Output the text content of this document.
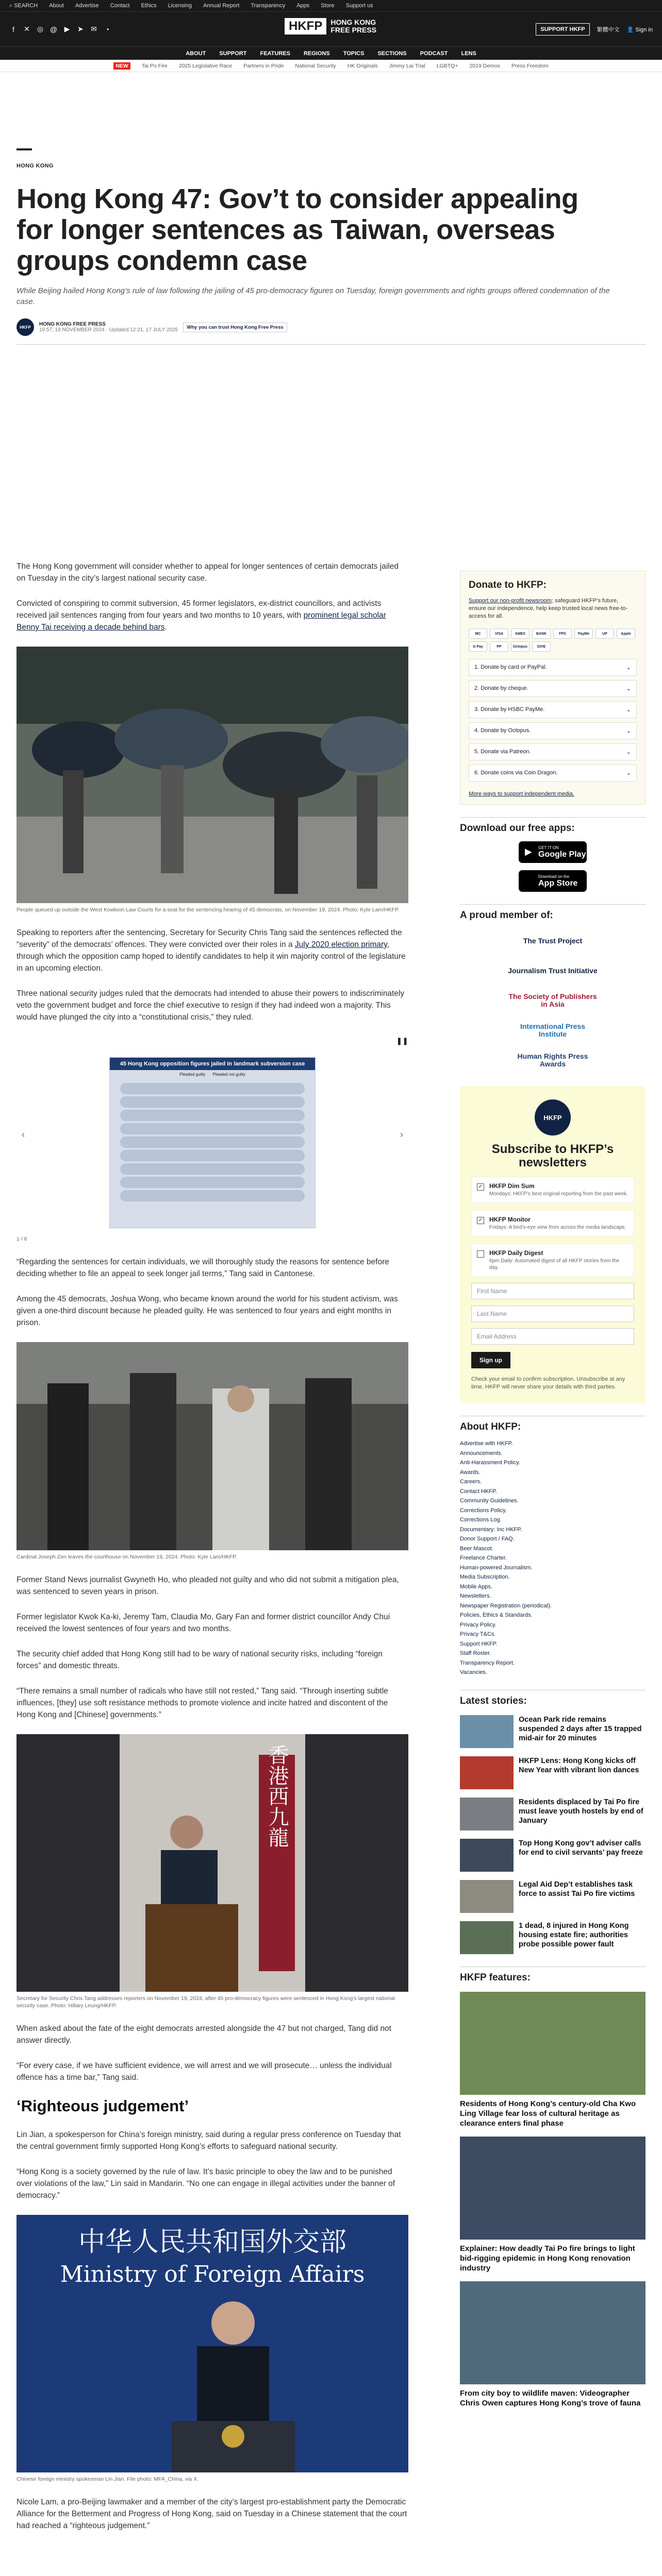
⌕ SEARCH About Advertise Contact Ethics Licensing Annual Report Transparency Apps Store Support us
f	✕ ◎ @ ▶ ➤ ✉ ◔	HKFP	HONG KONG FREE PRESS	SUPPORT HKFP	繁體中文 👤 Sign in
ABOUT SUPPORT FEATURES REGIONS TOPICS SECTIONS PODCAST LENS
NEW	Tai Po Fire 2025 Legislative Race Partners in Pride National Security HK Originals Jimmy Lai Trial LGBTQ+ 2019 Demos Press Freedom
HONG KONG
Hong Kong 47: Gov’t to consider appealing for longer sentences as Taiwan, overseas groups condemn case
While Beijing hailed Hong Kong’s rule of law following the jailing of 45 pro-democracy figures on Tuesday, foreign governments and rights groups offered condemnation of the case.
HKFP	HONG KONG FREE PRESS
19:57, 19 NOVEMBER 2024 · Updated 12:21, 17 JULY 2025	Why you can trust Hong Kong Free Press

The Hong Kong government will consider whether to appeal for longer sentences of certain democrats jailed on Tuesday in the city’s largest national security case.

Convicted of conspiring to commit subversion, 45 former legislators, ex-district councillors, and activists received jail sentences ranging from four years and two months to 10 years, with prominent legal scholar Benny Tai receiving a decade behind bars.

People queued up outside the West Kowloon Law Courts for a seat for the sentencing hearing of 45 democrats, on November 19, 2024. Photo: Kyle Lam/HKFP.

Speaking to reporters after the sentencing, Secretary for Security Chris Tang said the sentences reflected the “severity” of the democrats’ offences. They were convicted over their roles in a July 2020 election primary, through which the opposition camp hoped to identify candidates to help it win majority control of the legislature in an upcoming election.

Three national security judges ruled that the democrats had intended to abuse their powers to indiscriminately veto the government budget and force the chief executive to resign if they had indeed won a majority. This would have plunged the city into a “constitutional crisis,” they ruled.

❚❚
‹	›
45 Hong Kong opposition figures jailed in landmark subversion case
Pleaded guilty Pleaded not guilty
1 / 6

“Regarding the sentences for certain individuals, we will thoroughly study the reasons for sentence before deciding whether to file an appeal to seek longer jail terms,” Tang said in Cantonese.

Among the 45 democrats, Joshua Wong, who became known around the world for his student activism, was given a one-third discount because he pleaded guilty. He was sentenced to four years and eight months in prison.

Cardinal Joseph Zen leaves the courthouse on November 19, 2024. Photo: Kyle Lam/HKFP.

Former Stand News journalist Gwyneth Ho, who pleaded not guilty and who did not submit a mitigation plea, was sentenced to seven years in prison.

Former legislator Kwok Ka-ki, Jeremy Tam, Claudia Mo, Gary Fan and former district councillor Andy Chui received the lowest sentences of four years and two months.

The security chief added that Hong Kong still had to be wary of national security risks, including “foreign forces” and domestic threats.

“There remains a small number of radicals who have still not rested,” Tang said. “Through inserting subtle influences, [they] use soft resistance methods to promote violence and incite hatred and discontent of the Hong Kong and [Chinese] governments.”

香港西九龍
Secretary for Security Chris Tang addresses reporters on November 19, 2024, after 45 pro-democracy figures were sentenced in Hong Kong’s largest national security case. Photo: Hillary Leung/HKFP.

When asked about the fate of the eight democrats arrested alongside the 47 but not charged, Tang did not answer directly.

“For every case, if we have sufficient evidence, we will arrest and we will prosecute… unless the individual offence has a time bar,” Tang said.

‘Righteous judgement’

Lin Jian, a spokesperson for China’s foreign ministry, said during a regular press conference on Tuesday that the central government firmly supported Hong Kong’s efforts to safeguard national security.

“Hong Kong is a society governed by the rule of law. It’s basic principle to obey the law and to be punished over violations of the law,” Lin said in Mandarin. “No one can engage in illegal activities under the banner of democracy.”

中华人民共和国外交部
Ministry of Foreign Affairs
Chinese foreign ministry spokesman Lin Jian. File photo: MFA_China, via X.

Nicole Lam, a pro-Beijing lawmaker and a member of the city’s largest pro-establishment party the Democratic Alliance for the Betterment and Progress of Hong Kong, said on Tuesday in a Chinese statement that the court had reached a “righteous judgement.”

Donate to HKFP:
Support our non-profit newsroom; safeguard HKFP’s future, ensure our independence, help keep trusted local news free-to-access for all.
MC	VISA	AMEX	BANK	FPS	PayMe	UP	Apple
G Pay	PP	Octopus	GIVE
1. Donate by card or PayPal.	⌄
2. Donate by cheque.	⌄
3. Donate by HSBC PayMe.	⌄
4. Donate by Octopus.	⌄
5. Donate via Patreon.	⌄
6. Donate coins via Coin Dragon.	⌄
More ways to support independent media.
Download our free apps:
▶ GET IT ON
Google Play
Download on the
App Store
A proud member of:
The Trust Project
Journalism Trust Initiative
The Society of Publishers in Asia
International Press Institute
Human Rights Press Awards
HKFP
Subscribe to HKFP’s newsletters
✓ HKFP Dim Sum
Mondays: HKFP’s best original reporting from the past week.
✓ HKFP Monitor
Fridays: A bird’s-eye view from across the media landscape.
HKFP Daily Digest
6pm Daily: Automated digest of all HKFP stories from the day.
First Name
Last Name
Email Address
Sign up
Check your email to confirm subscription. Unsubscribe at any time. HKFP will never share your details with third parties.
About HKFP:
Advertise with HKFP.
Announcements.
Anti-Harassment Policy.
Awards.
Careers.
Contact HKFP.
Community Guidelines.
Corrections Policy.
Corrections Log.
Documentary: Inc HKFP.
Donor Support / FAQ.
Beer Mascot.
Freelance Charter.
Human-powered Journalism.
Media Subscription.
Mobile Apps.
Newsletters.
Newspaper Registration (periodical).
Policies, Ethics & Standards.
Privacy Policy.
Privacy T&Cs.
Support HKFP.
Staff Roster.
Transparency Report.
Vacancies.
Latest stories:
Ocean Park ride remains suspended 2 days after 15 trapped mid-air for 20 minutes
HKFP Lens: Hong Kong kicks off New Year with vibrant lion dances
Residents displaced by Tai Po fire must leave youth hostels by end of January
Top Hong Kong gov’t adviser calls for end to civil servants’ pay freeze
Legal Aid Dep’t establishes task force to assist Tai Po fire victims
1 dead, 8 injured in Hong Kong housing estate fire; authorities probe possible power fault
HKFP features:
Residents of Hong Kong’s century-old Cha Kwo Ling Village fear loss of cultural heritage as clearance enters final phase
Explainer: How deadly Tai Po fire brings to light bid-rigging epidemic in Hong Kong renovation industry
From city boy to wildlife maven: Videographer Chris Owen captures Hong Kong’s trove of fauna
